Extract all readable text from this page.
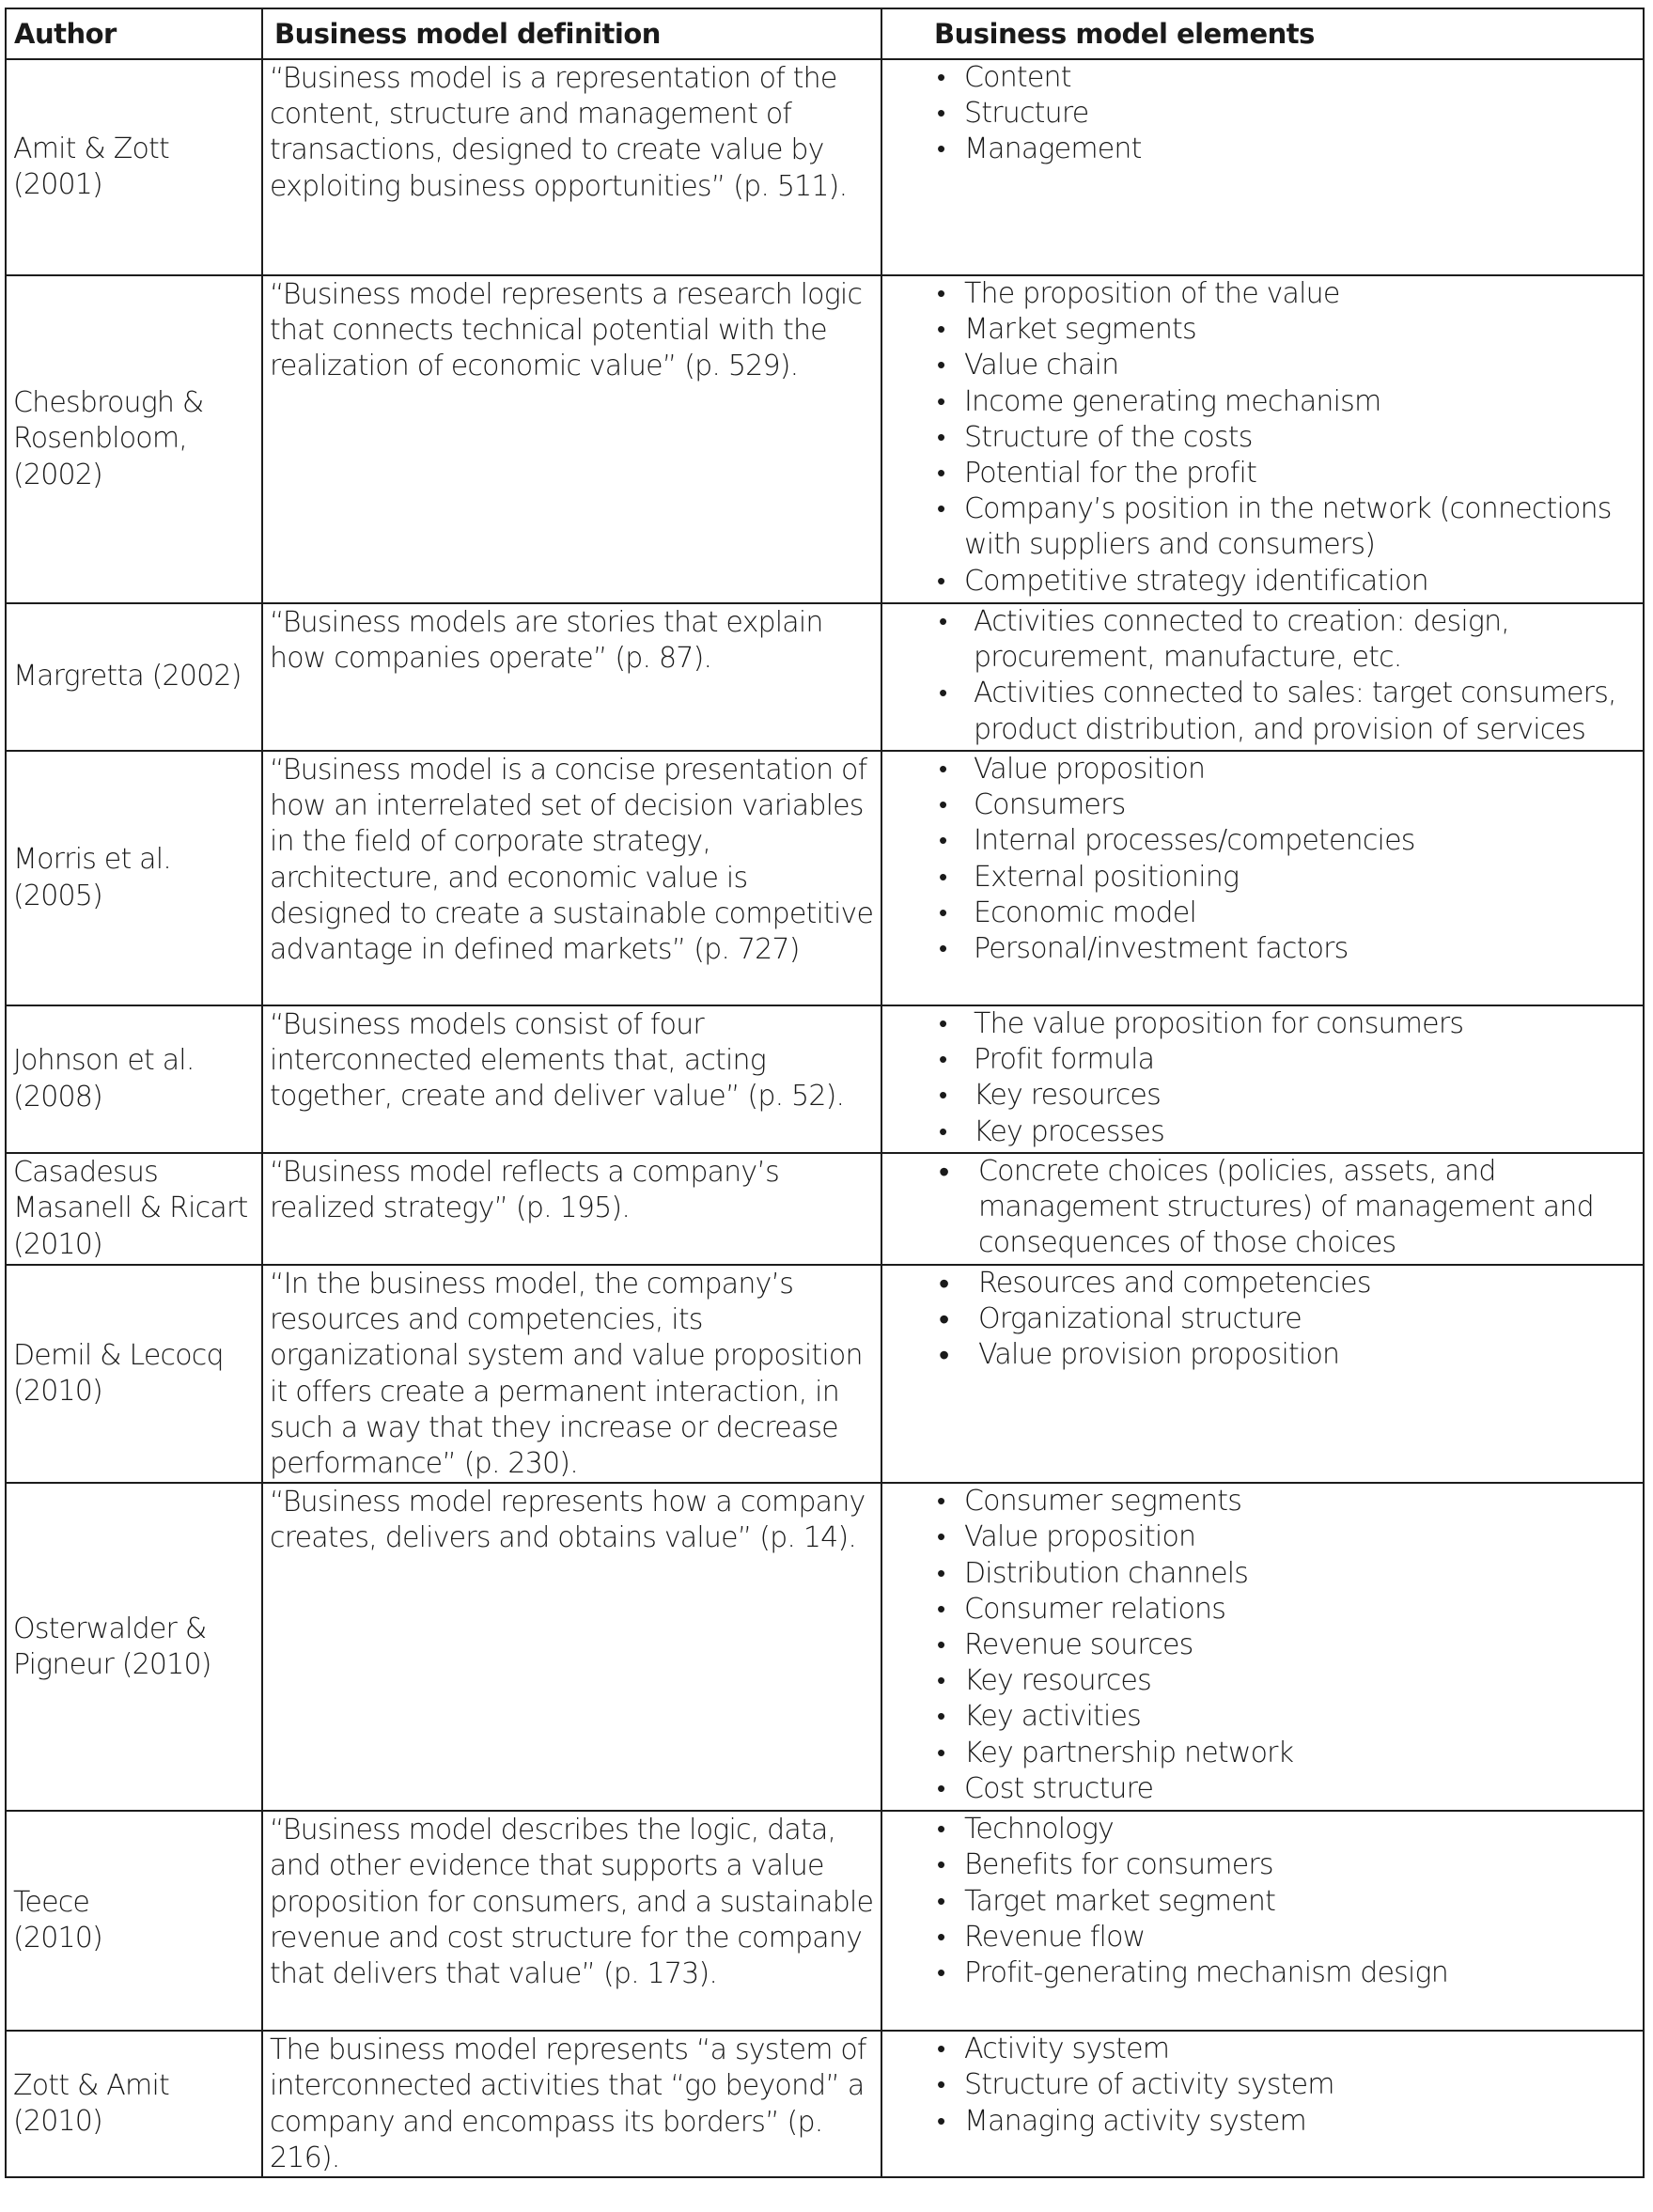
Author	Business model definition	Business model elements

Amit & Zott
(2001)
	“Business model is a representation of the content, structure and management of transactions, designed to create value by exploiting business opportunities” (p. 511).	
• Content
• Structure
• Management

Chesbrough &
Rosenbloom,
(2002)
	“Business model represents a research logic that connects technical potential with the realization of economic value” (p. 529).	
• The proposition of the value
• Market segments
• Value chain
• Income generating mechanism
• Structure of the costs
• Potential for the profit
• Company’s position in the network (connections with suppliers and consumers)
• Competitive strategy identification

Margretta (2002)
	“Business models are stories that explain how companies operate” (p. 87).	
• Activities connected to creation: design, procurement, manufacture, etc.
• Activities connected to sales: target consumers, product distribution, and provision of services

Morris et al.
(2005)
	“Business model is a concise presentation of how an interrelated set of decision variables in the field of corporate strategy, architecture, and economic value is designed to create a sustainable competitive advantage in defined markets” (p. 727)	
• Value proposition
• Consumers
• Internal processes/competencies
• External positioning
• Economic model
• Personal/investment factors

Johnson et al.
(2008)
	“Business models consist of four interconnected elements that, acting together, create and deliver value” (p. 52).	
• The value proposition for consumers
• Profit formula
• Key resources
• Key processes

Casadesus
Masanell & Ricart
(2010)
	“Business model reflects a company’s realized strategy” (p. 195).	
• Concrete choices (policies, assets, and management structures) of management and consequences of those choices

Demil & Lecocq
(2010)
	“In the business model, the company’s resources and competencies, its organizational system and value proposition it offers create a permanent interaction, in such a way that they increase or decrease performance” (p. 230).	
• Resources and competencies
• Organizational structure
• Value provision proposition

Osterwalder &
Pigneur (2010)
	“Business model represents how a company creates, delivers and obtains value” (p. 14).	
• Consumer segments
• Value proposition
• Distribution channels
• Consumer relations
• Revenue sources
• Key resources
• Key activities
• Key partnership network
• Cost structure

Teece
(2010)
	“Business model describes the logic, data, and other evidence that supports a value proposition for consumers, and a sustainable revenue and cost structure for the company that delivers that value” (p. 173).	
• Technology
• Benefits for consumers
• Target market segment
• Revenue flow
• Profit-generating mechanism design

Zott & Amit
(2010)
	The business model represents “a system of interconnected activities that “go beyond” a company and encompass its borders” (p. 216).	
• Activity system
• Structure of activity system
• Managing activity system
